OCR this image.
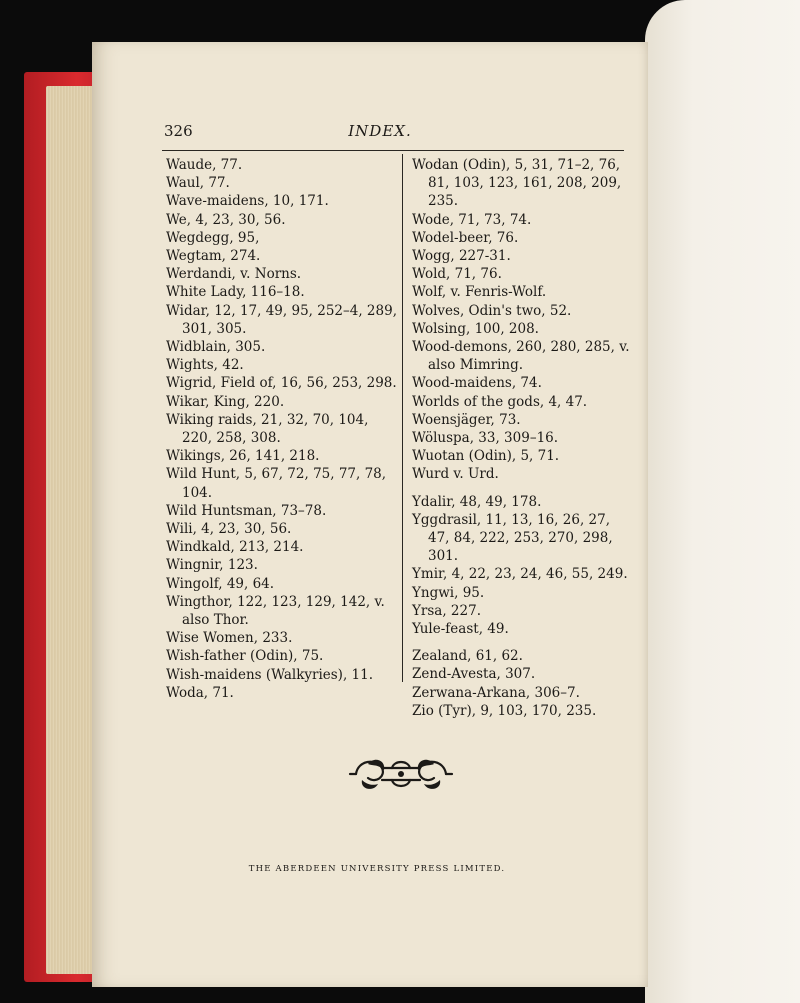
326	INDEX.
Waude, 77.
Waul, 77.
Wave-maidens, 10, 171.
We, 4, 23, 30, 56.
Wegdegg, 95,
Wegtam, 274.
Werdandi, v. Norns.
White Lady, 116–18.
Widar, 12, 17, 49, 95, 252–4, 289, 301, 305.
Widblain, 305.
Wights, 42.
Wigrid, Field of, 16, 56, 253, 298.
Wikar, King, 220.
Wiking raids, 21, 32, 70, 104, 220, 258, 308.
Wikings, 26, 141, 218.
Wild Hunt, 5, 67, 72, 75, 77, 78, 104.
Wild Huntsman, 73–78.
Wili, 4, 23, 30, 56.
Windkald, 213, 214.
Wingnir, 123.
Wingolf, 49, 64.
Wingthor, 122, 123, 129, 142, v. also Thor.
Wise Women, 233.
Wish-father (Odin), 75.
Wish-maidens (Walkyries), 11.
Woda, 71.
Wodan (Odin), 5, 31, 71–2, 76, 81, 103, 123, 161, 208, 209, 235.
Wode, 71, 73, 74.
Wodel-beer, 76.
Wogg, 227-31.
Wold, 71, 76.
Wolf, v. Fenris-Wolf.
Wolves, Odin's two, 52.
Wolsing, 100, 208.
Wood-demons, 260, 280, 285, v. also Mimring.
Wood-maidens, 74.
Worlds of the gods, 4, 47.
Woensjäger, 73.
Wöluspa, 33, 309–16.
Wuotan (Odin), 5, 71.
Wurd v. Urd.
Ydalir, 48, 49, 178.
Yggdrasil, 11, 13, 16, 26, 27, 47, 84, 222, 253, 270, 298, 301.
Ymir, 4, 22, 23, 24, 46, 55, 249.
Yngwi, 95.
Yrsa, 227.
Yule-feast, 49.
Zealand, 61, 62.
Zend-Avesta, 307.
Zerwana-Arkana, 306–7.
Zio (Tyr), 9, 103, 170, 235.
THE ABERDEEN UNIVERSITY PRESS LIMITED.
